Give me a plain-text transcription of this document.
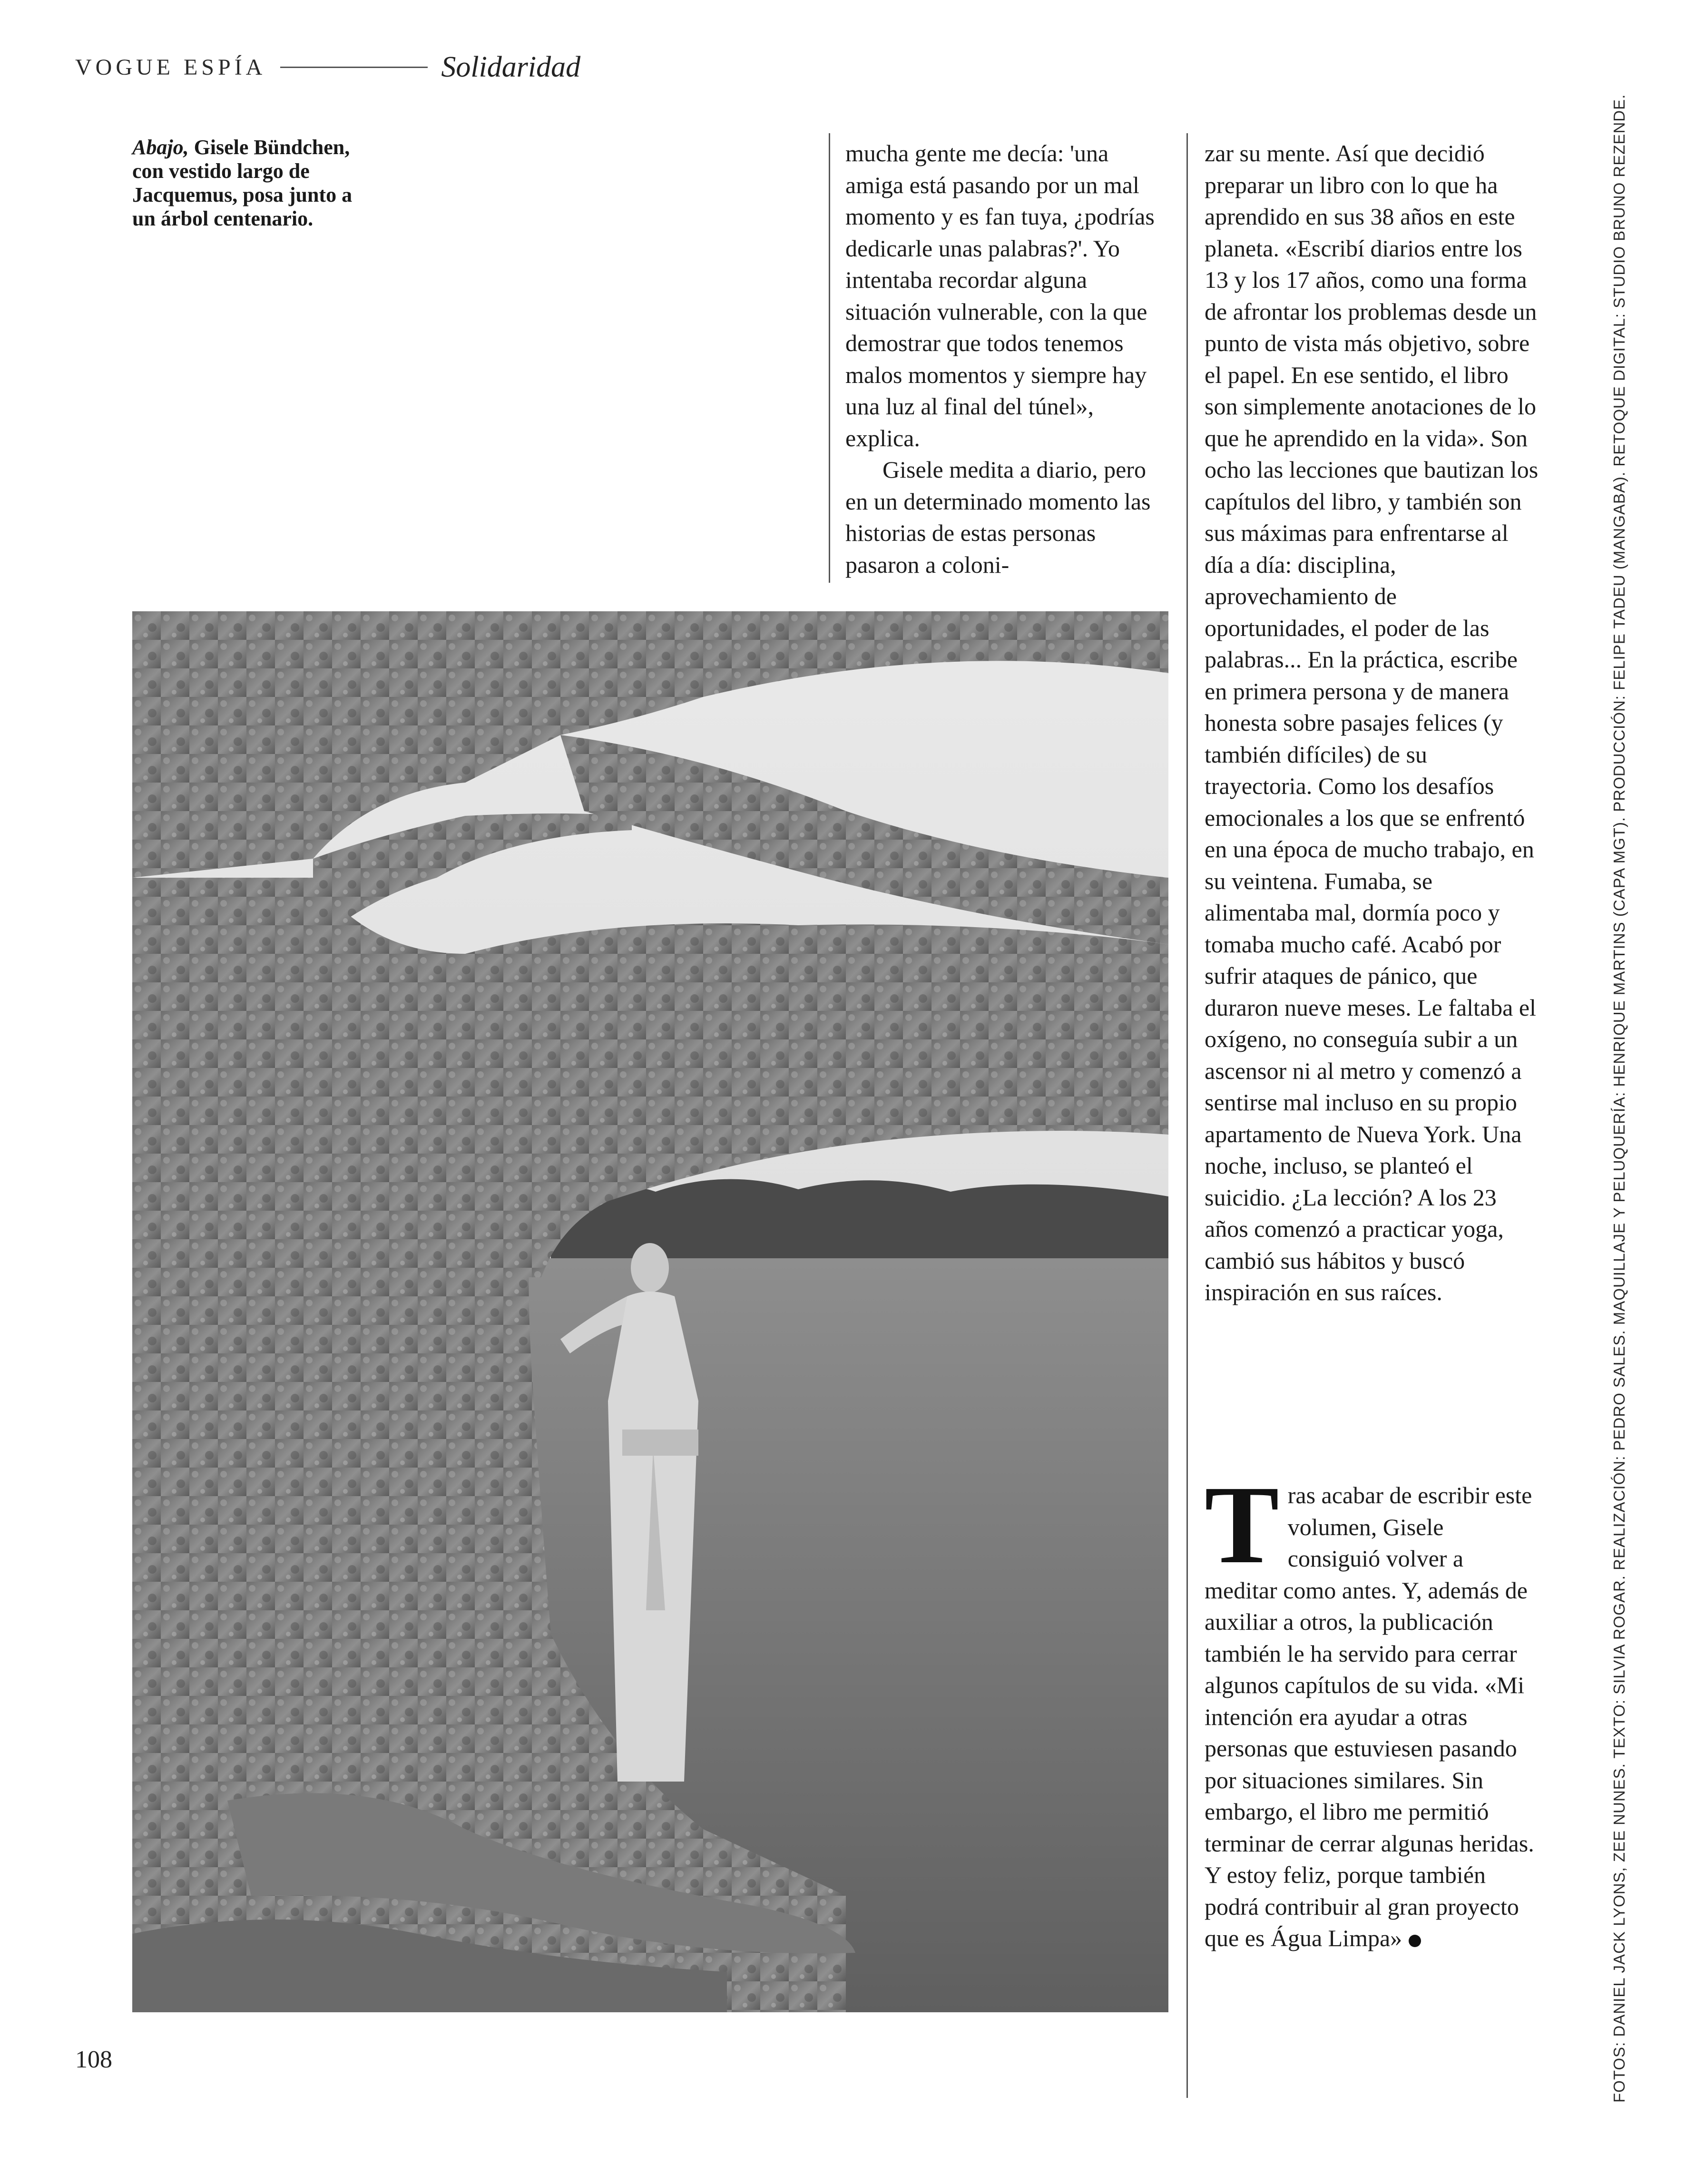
VOGUE ESPÍA	Solidaridad
Abajo, Gisele Bündchen, con vestido largo de Jacquemus, posa junto a un árbol centenario.

mucha gente me decía: 'una amiga está pasando por un mal momento y es fan tuya, ¿podrías dedicarle unas palabras?'. Yo intentaba recordar alguna situación vulnerable, con la que demostrar que todos tenemos malos momentos y siempre hay una luz al final del túnel», explica.

Gisele medita a diario, pero en un determinado momento las historias de estas personas pasaron a coloni-

zar su mente. Así que decidió preparar un libro con lo que ha aprendido en sus 38 años en este planeta. «Escribí diarios entre los 13 y los 17 años, como una forma de afrontar los problemas desde un punto de vista más objetivo, sobre el papel. En ese sentido, el libro son simplemente anotaciones de lo que he aprendido en la vida». Son ocho las lecciones que bautizan los capítulos del libro, y también son sus máximas para enfrentarse al día a día: disciplina, aprovechamiento de oportunidades, el poder de las palabras... En la práctica, escribe en primera persona y de manera honesta sobre pasajes felices (y también difíciles) de su trayectoria. Como los desafíos emocionales a los que se enfrentó en una época de mucho trabajo, en su veintena. Fumaba, se alimentaba mal, dormía poco y tomaba mucho café. Acabó por sufrir ataques de pánico, que duraron nueve meses. Le faltaba el oxígeno, no conseguía subir a un ascensor ni al metro y comenzó a sentirse mal incluso en su propio apartamento de Nueva York. Una noche, incluso, se planteó el suicidio. ¿La lección? A los 23 años comenzó a practicar yoga, cambió sus hábitos y buscó inspiración en sus raíces.

Tras acabar de escribir este volumen, Gisele consiguió volver a meditar como antes. Y, además de auxiliar a otros, la publicación también le ha servido para cerrar algunos capítulos de su vida. «Mi intención era ayudar a otras personas que estuviesen pasando por situaciones similares. Sin embargo, el libro me permitió terminar de cerrar algunas heridas. Y estoy feliz, porque también podrá contribuir al gran proyecto que es Água Limpa»	FOTOS: DANIEL JACK LYONS, ZEE NUNES. TEXTO: SILVIA ROGAR. REALIZACIÓN: PEDRO SALES. MAQUILLAJE Y PELUQUERÍA: HENRIQUE MARTINS (CAPA MGT). PRODUCCIÓN: FELIPE TADEU (MANGABA). RETOQUE DIGITAL: STUDIO BRUNO REZENDE.
108
